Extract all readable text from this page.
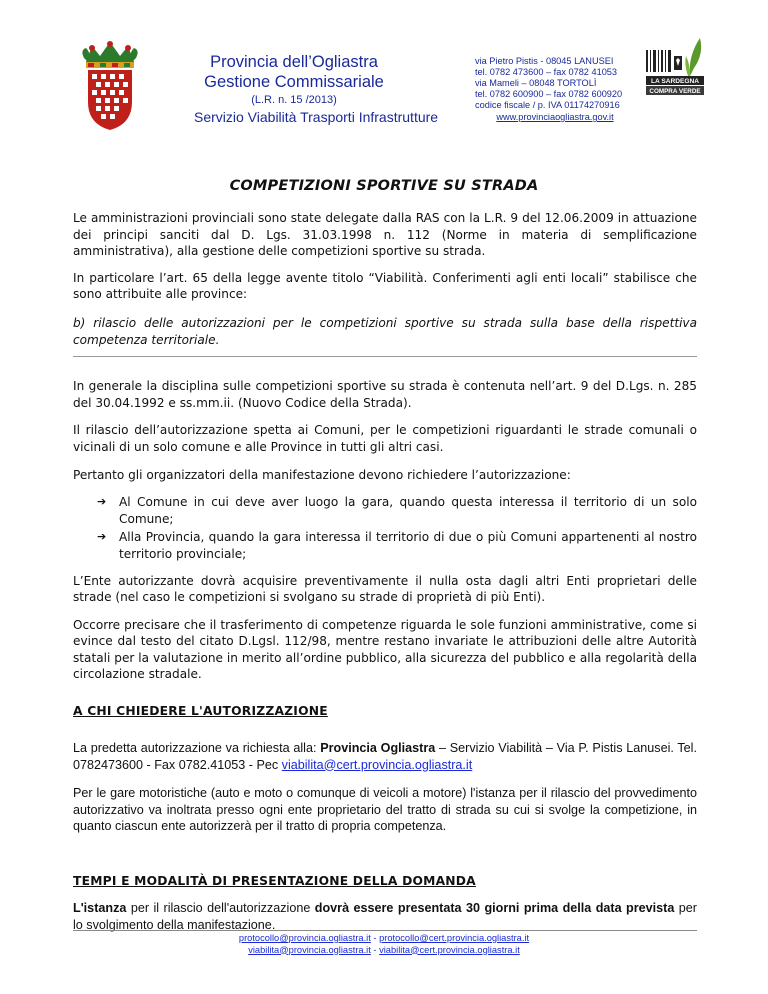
Provincia dell’Ogliastra
Gestione Commissariale
(L.R. n. 15 /2013)
Servizio Viabilità Trasporti Infrastrutture
via Pietro Pistis - 08045 LANUSEI
tel. 0782 473600 – fax 0782 41053
via Mameli – 08048 TORTOLÌ
tel. 0782 600900 – fax 0782 600920
codice fiscale / p. IVA 01174270916
www.provinciaogliastra.gov.it
LA SARDEGNA
COMPRA VERDE
COMPETIZIONI SPORTIVE SU STRADA

Le amministrazioni provinciali sono state delegate dalla RAS con la L.R. 9 del 12.06.2009 in attuazione dei principi sanciti dal D. Lgs. 31.03.1998 n. 112 (Norme in materia di semplificazione amministrativa), alla gestione delle competizioni sportive su strada.

In particolare l’art. 65 della legge avente titolo “Viabilità. Conferimenti agli enti locali” stabilisce che sono attribuite alle province:

b) rilascio delle autorizzazioni per le competizioni sportive su strada sulla base della rispettiva competenza territoriale.

In generale la disciplina sulle competizioni sportive su strada è contenuta nell’art. 9 del D.Lgs. n. 285 del 30.04.1992 e ss.mm.ii. (Nuovo Codice della Strada).

Il rilascio dell’autorizzazione spetta ai Comuni, per le competizioni riguardanti le strade comunali o vicinali di un solo comune e alle Province in tutti gli altri casi.

Pertanto gli organizzatori della manifestazione devono richiedere l’autorizzazione:

➔ Al Comune in cui deve aver luogo la gara, quando questa interessa il territorio di un solo Comune;
➔ Alla Provincia, quando la gara interessa il territorio di due o più Comuni appartenenti al nostro territorio provinciale;

L’Ente autorizzante dovrà acquisire preventivamente il nulla osta dagli altri Enti proprietari delle strade (nel caso le competizioni si svolgano su strade di proprietà di più Enti).

Occorre precisare che il trasferimento di competenze riguarda le sole funzioni amministrative, come si evince dal testo del citato D.Lgsl. 112/98, mentre restano invariate le attribuzioni delle altre Autorità statali per la valutazione in merito all’ordine pubblico, alla sicurezza del pubblico e alla regolarità della circolazione stradale.

A CHI CHIEDERE L'AUTORIZZAZIONE

La predetta autorizzazione va richiesta alla: Provincia Ogliastra – Servizio Viabilità – Via P. Pistis Lanusei. Tel. 0782473600 - Fax 0782.41053 - Pec viabilita@cert.provincia.ogliastra.it

Per le gare motoristiche (auto e moto o comunque di veicoli a motore) l'istanza per il rilascio del provvedimento autorizzativo va inoltrata presso ogni ente proprietario del tratto di strada su cui si svolge la competizione, in quanto ciascun ente autorizzerà per il tratto di propria competenza.

TEMPI E MODALITÀ DI PRESENTAZIONE DELLA DOMANDA

L'istanza per il rilascio dell'autorizzazione dovrà essere presentata 30 giorni prima della data prevista per lo svolgimento della manifestazione.

protocollo@provincia.ogliastra.it - protocollo@cert.provincia.ogliastra.it
viabilita@provincia.ogliastra.it - viabilita@cert.provincia.ogliastra.it
